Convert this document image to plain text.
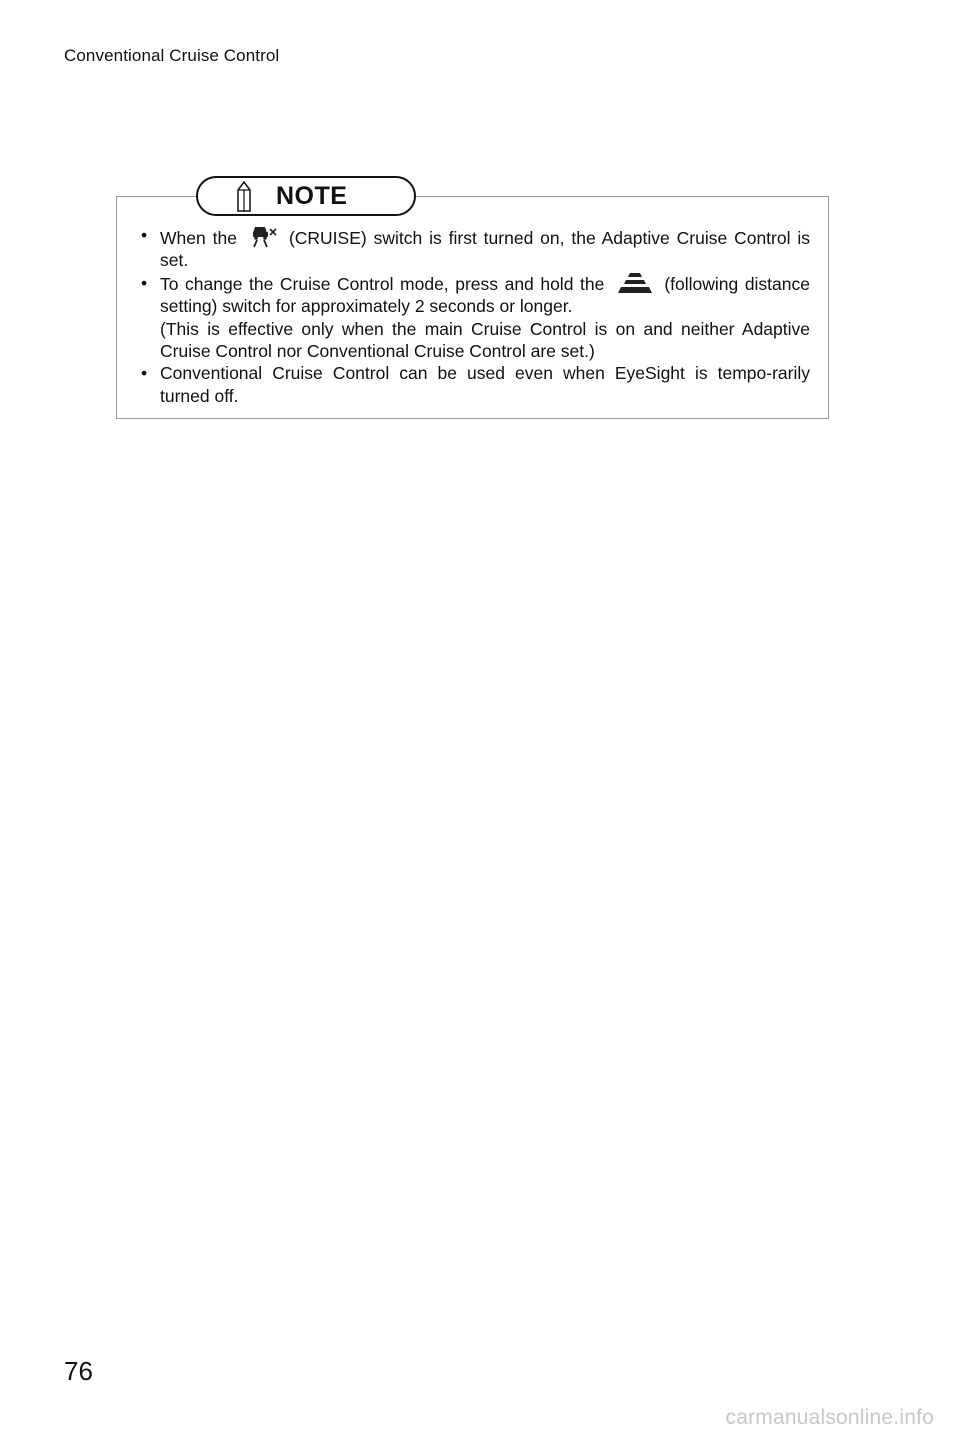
Conventional Cruise Control
NOTE
• When the	(CRUISE) switch is first turned on, the Adaptive Cruise Control is set.
• To change the Cruise Control mode, press and hold the	(following distance setting) switch for approximately 2 seconds or longer.
(This is effective only when the main Cruise Control is on and neither Adaptive Cruise Control nor Conventional Cruise Control are set.)
• Conventional Cruise Control can be used even when EyeSight is tempo-rarily turned off.
76
carmanualsonline.info
